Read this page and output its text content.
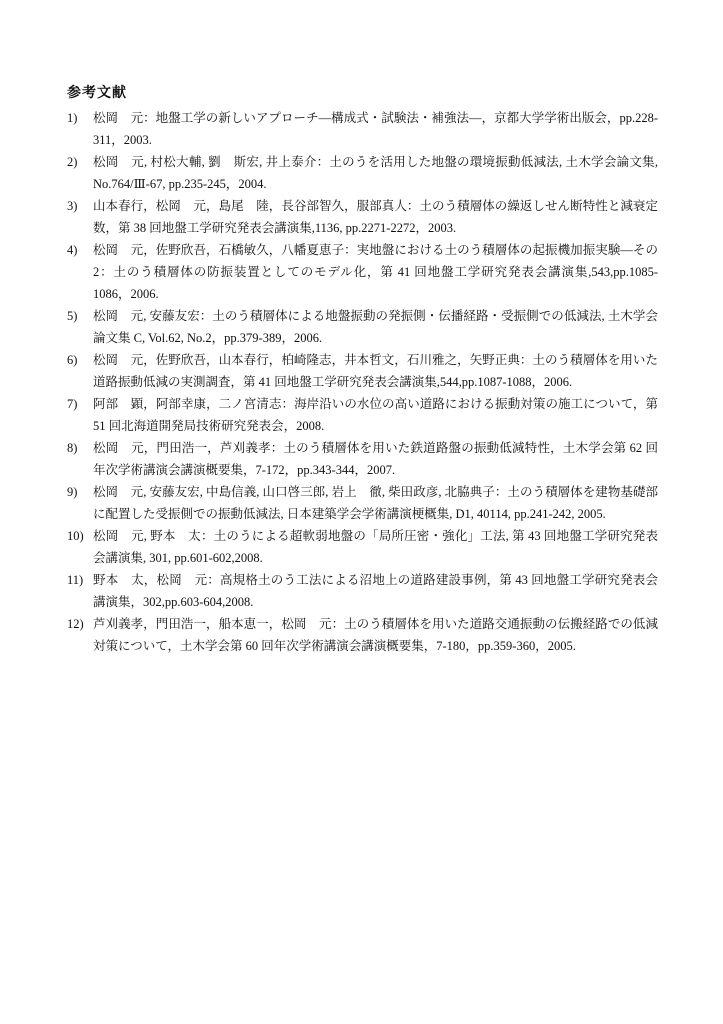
参考文献
1)	松岡　元：地盤工学の新しいアプローチ—構成式・試験法・補強法—，京都大学学術出版会，pp.228-311，2003.
2)	松岡　元, 村松大輔, 劉　斯宏, 井上泰介：土のうを活用した地盤の環境振動低減法, 土木学会論文集, No.764/Ⅲ-67, pp.235-245，2004.
3)	山本春行，松岡　元，島尾　陸，長谷部智久，服部真人：土のう積層体の繰返しせん断特性と減衰定数，第 38 回地盤工学研究発表会講演集,1136, pp.2271-2272，2003.
4)	松岡　元，佐野欣吾，石橋敏久，八幡夏恵子：実地盤における土のう積層体の起振機加振実験—その 2：土のう積層体の防振装置としてのモデル化，第 41 回地盤工学研究発表会講演集,543,pp.1085-1086，2006.
5)	松岡　元, 安藤友宏：土のう積層体による地盤振動の発振側・伝播経路・受振側での低減法, 土木学会論文集 C, Vol.62, No.2，pp.379-389，2006.
6)	松岡　元，佐野欣吾，山本春行，柏崎隆志，井本哲文，石川雅之，矢野正典：土のう積層体を用いた道路振動低減の実測調査，第 41 回地盤工学研究発表会講演集,544,pp.1087-1088，2006.
7)	阿部　顕，阿部幸康，二ノ宮清志：海岸沿いの水位の高い道路における振動対策の施工について，第 51 回北海道開発局技術研究発表会，2008.
8)	松岡　元，門田浩一，芦刈義孝：土のう積層体を用いた鉄道路盤の振動低減特性，土木学会第 62 回年次学術講演会講演概要集，7-172，pp.343-344，2007.
9)	松岡　元, 安藤友宏, 中島信義, 山口啓三郎, 岩上　徹, 柴田政彦, 北脇典子：土のう積層体を建物基礎部に配置した受振側での振動低減法, 日本建築学会学術講演梗概集, D1, 40114, pp.241-242, 2005.
10) 松岡　元, 野本　太：土のうによる超軟弱地盤の「局所圧密・強化」工法, 第 43 回地盤工学研究発表会講演集, 301, pp.601-602,2008.
11) 野本　太，松岡　元：高規格土のう工法による沼地上の道路建設事例，第 43 回地盤工学研究発表会講演集，302,pp.603-604,2008.
12) 芦刈義孝，門田浩一，船本恵一，松岡　元：土のう積層体を用いた道路交通振動の伝搬経路での低減対策について，土木学会第 60 回年次学術講演会講演概要集，7-180，pp.359-360，2005.
